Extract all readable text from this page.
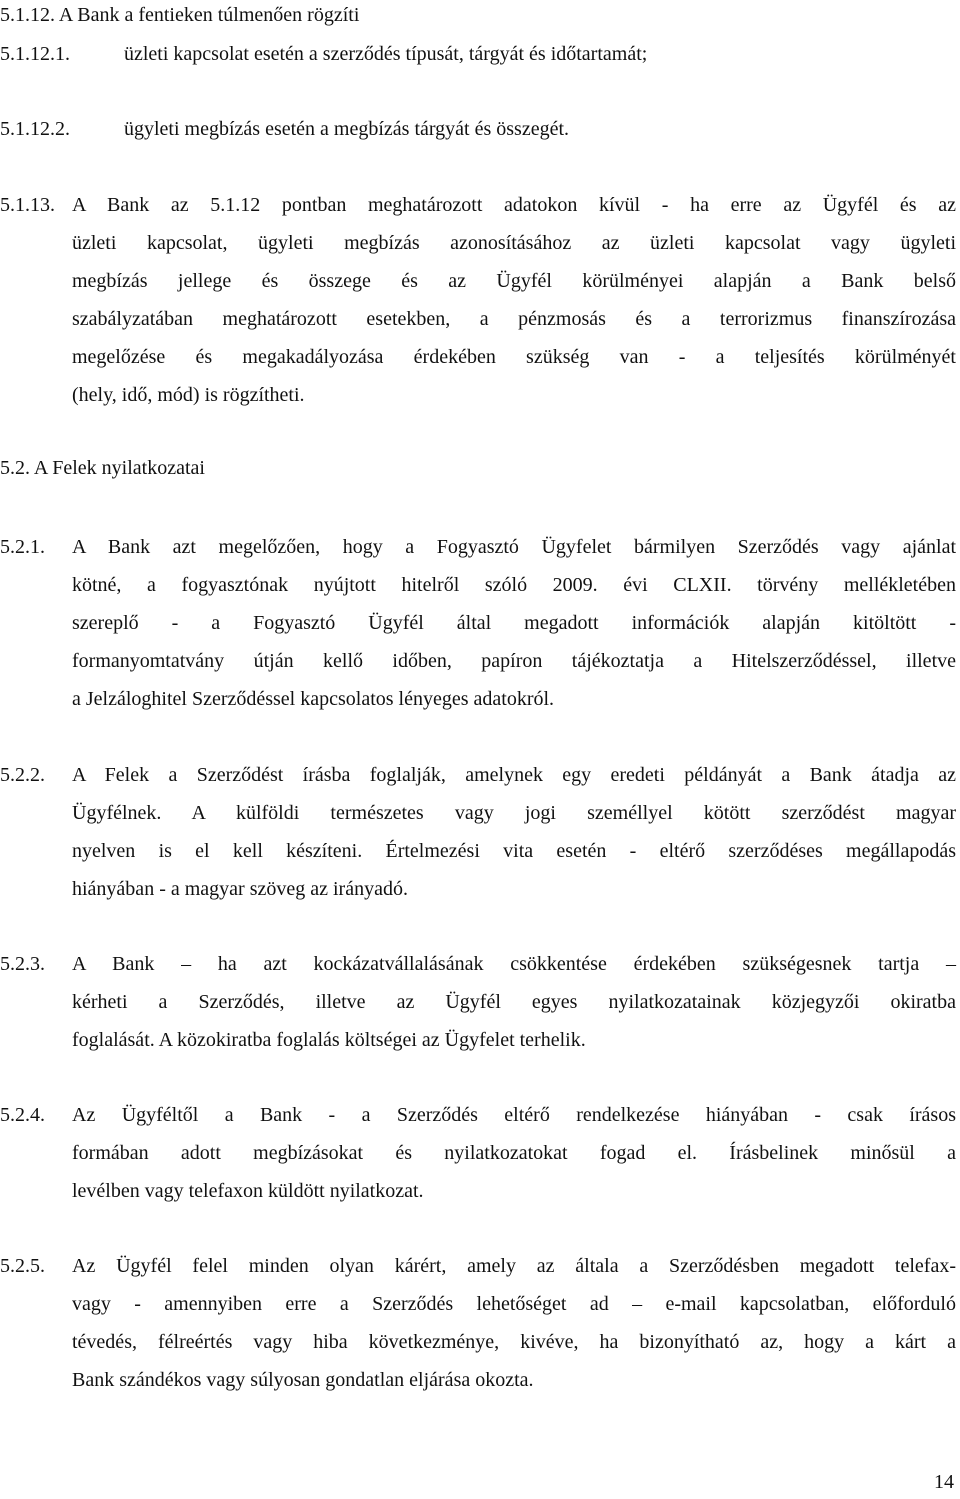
5.1.12. A Bank a fentieken túlmenően rögzíti
5.1.12.1.	üzleti kapcsolat esetén a szerződés típusát, tárgyát és időtartamát;
5.1.12.2.	ügyleti megbízás esetén a megbízás tárgyát és összegét.
5.1.13. A Bank az 5.1.12 pontban meghatározott adatokon kívül - ha erre az Ügyfél és az
üzleti kapcsolat, ügyleti megbízás azonosításához az üzleti kapcsolat vagy ügyleti
megbízás jellege és összege és az Ügyfél körülményei alapján a Bank belső
szabályzatában meghatározott esetekben, a pénzmosás és a terrorizmus finanszírozása
megelőzése és megakadályozása érdekében szükség van - a teljesítés körülményét
(hely, idő, mód) is rögzítheti.
5.2. A Felek nyilatkozatai
5.2.1. A Bank azt megelőzően, hogy a Fogyasztó Ügyfelet bármilyen Szerződés vagy ajánlat
kötné, a fogyasztónak nyújtott hitelről szóló 2009. évi CLXII. törvény mellékletében
szereplő - a Fogyasztó Ügyfél által megadott információk alapján kitöltött -
formanyomtatvány útján kellő időben, papíron tájékoztatja a Hitelszerződéssel, illetve
a Jelzáloghitel Szerződéssel kapcsolatos lényeges adatokról.
5.2.2. A Felek a Szerződést írásba foglalják, amelynek egy eredeti példányát a Bank átadja az
Ügyfélnek. A külföldi természetes vagy jogi személlyel kötött szerződést magyar
nyelven is el kell készíteni. Értelmezési vita esetén - eltérő szerződéses megállapodás
hiányában - a magyar szöveg az irányadó.
5.2.3. A Bank – ha azt kockázatvállalásának csökkentése érdekében szükségesnek tartja –
kérheti a Szerződés, illetve az Ügyfél egyes nyilatkozatainak közjegyzői okiratba
foglalását. A közokiratba foglalás költségei az Ügyfelet terhelik.
5.2.4. Az Ügyféltől a Bank - a Szerződés eltérő rendelkezése hiányában - csak írásos
formában adott megbízásokat és nyilatkozatokat fogad el. Írásbelinek minősül a
levélben vagy telefaxon küldött nyilatkozat.
5.2.5. Az Ügyfél felel minden olyan kárért, amely az általa a Szerződésben megadott telefax-
vagy - amennyiben erre a Szerződés lehetőséget ad – e-mail kapcsolatban, előforduló
tévedés, félreértés vagy hiba következménye, kivéve, ha bizonyítható az, hogy a kárt a
Bank szándékos vagy súlyosan gondatlan eljárása okozta.
14
